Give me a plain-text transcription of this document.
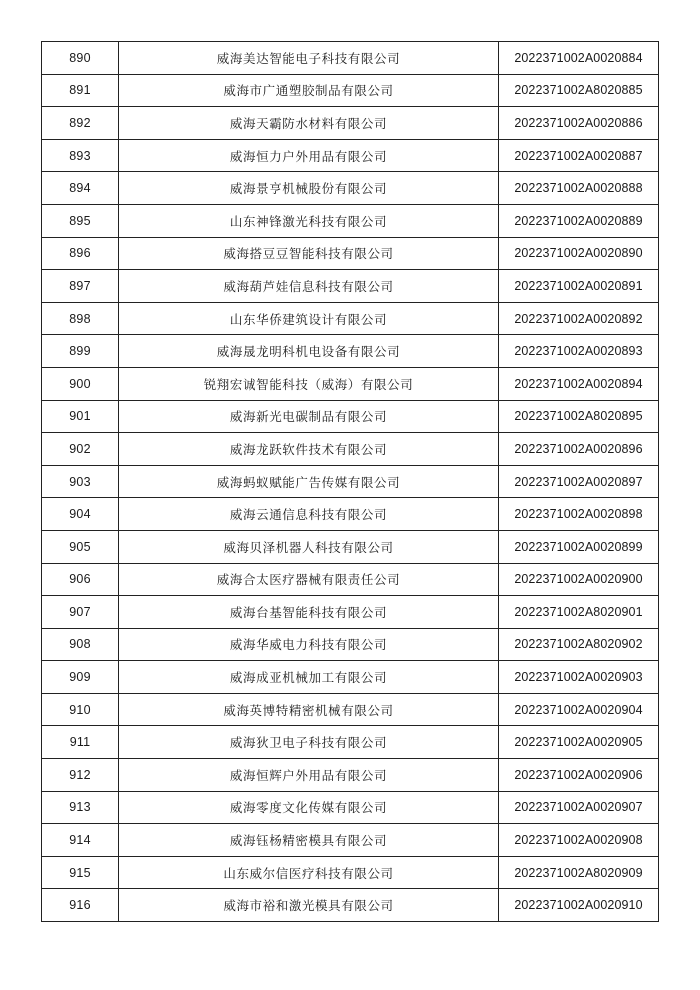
890	威海美达智能电子科技有限公司	2022371002A0020884
891	威海市广通塑胶制品有限公司	2022371002A8020885
892	威海天霸防水材料有限公司	2022371002A0020886
893	威海恒力户外用品有限公司	2022371002A0020887
894	威海景亨机械股份有限公司	2022371002A0020888
895	山东神锋激光科技有限公司	2022371002A0020889
896	威海搭豆豆智能科技有限公司	2022371002A0020890
897	威海葫芦娃信息科技有限公司	2022371002A0020891
898	山东华侨建筑设计有限公司	2022371002A0020892
899	威海晟龙明科机电设备有限公司	2022371002A0020893
900	锐翔宏诚智能科技（威海）有限公司	2022371002A0020894
901	威海新光电碳制品有限公司	2022371002A8020895
902	威海龙跃软件技术有限公司	2022371002A0020896
903	威海蚂蚁赋能广告传媒有限公司	2022371002A0020897
904	威海云通信息科技有限公司	2022371002A0020898
905	威海贝泽机器人科技有限公司	2022371002A0020899
906	威海合太医疗器械有限责任公司	2022371002A0020900
907	威海台基智能科技有限公司	2022371002A8020901
908	威海华威电力科技有限公司	2022371002A8020902
909	威海成亚机械加工有限公司	2022371002A0020903
910	威海英博特精密机械有限公司	2022371002A0020904
911	威海狄卫电子科技有限公司	2022371002A0020905
912	威海恒辉户外用品有限公司	2022371002A0020906
913	威海零度文化传媒有限公司	2022371002A0020907
914	威海钰杨精密模具有限公司	2022371002A0020908
915	山东威尔信医疗科技有限公司	2022371002A8020909
916	威海市裕和激光模具有限公司	2022371002A0020910
